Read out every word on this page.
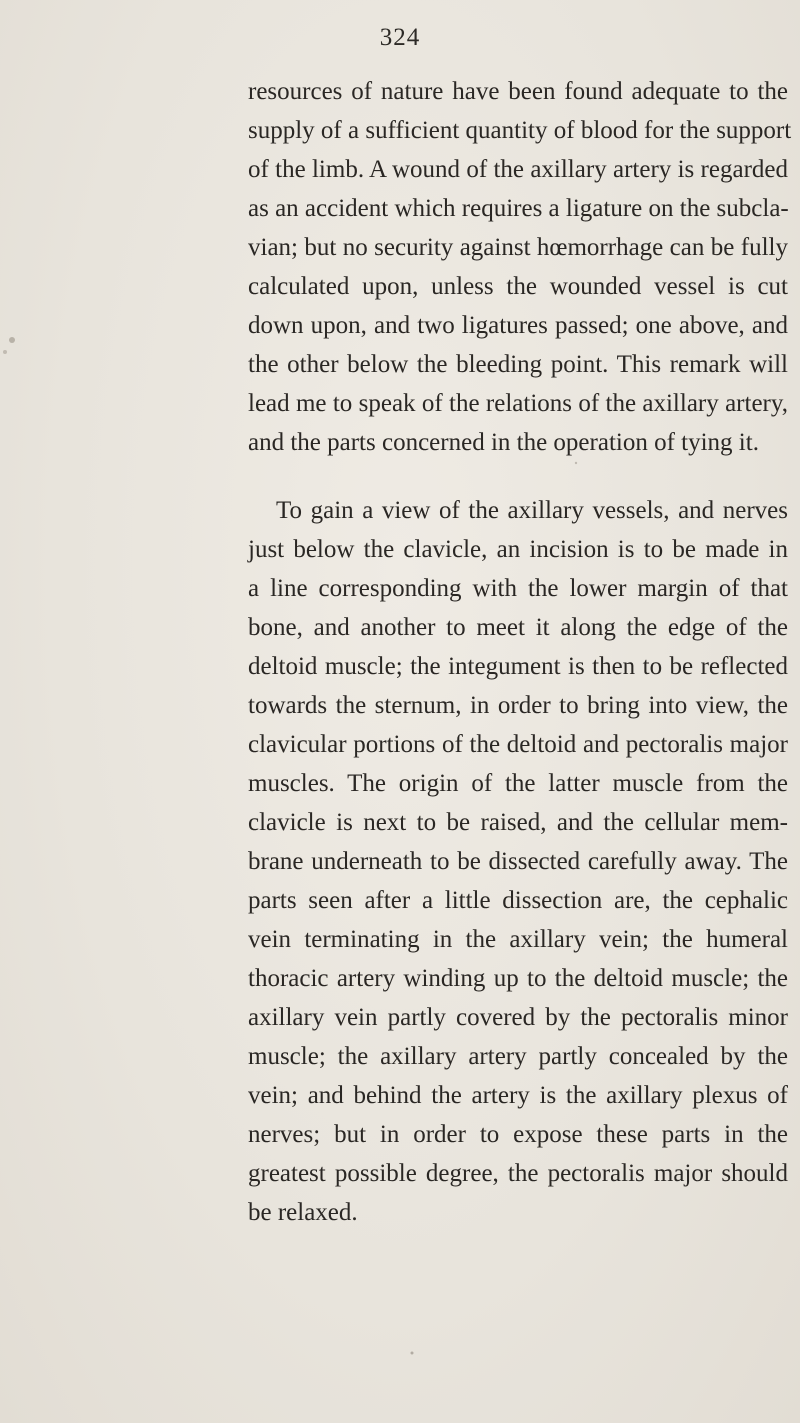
324
resources of nature have been found adequate to the
supply of a sufficient quantity of blood for the support
of the limb. A wound of the axillary artery is regarded
as an accident which requires a ligature on the subcla-
vian; but no security against hœmorrhage can be fully
calculated upon, unless the wounded vessel is cut
down upon, and two ligatures passed; one above, and
the other below the bleeding point. This remark will
lead me to speak of the relations of the axillary artery,
and the parts concerned in the operation of tying it.
To gain a view of the axillary vessels, and nerves
just below the clavicle, an incision is to be made in
a line corresponding with the lower margin of that
bone, and another to meet it along the edge of the
deltoid muscle; the integument is then to be reflected
towards the sternum, in order to bring into view, the
clavicular portions of the deltoid and pectoralis major
muscles. The origin of the latter muscle from the
clavicle is next to be raised, and the cellular mem-
brane underneath to be dissected carefully away. The
parts seen after a little dissection are, the cephalic
vein terminating in the axillary vein; the humeral
thoracic artery winding up to the deltoid muscle; the
axillary vein partly covered by the pectoralis minor
muscle; the axillary artery partly concealed by the
vein; and behind the artery is the axillary plexus of
nerves; but in order to expose these parts in the
greatest possible degree, the pectoralis major should
be relaxed.
